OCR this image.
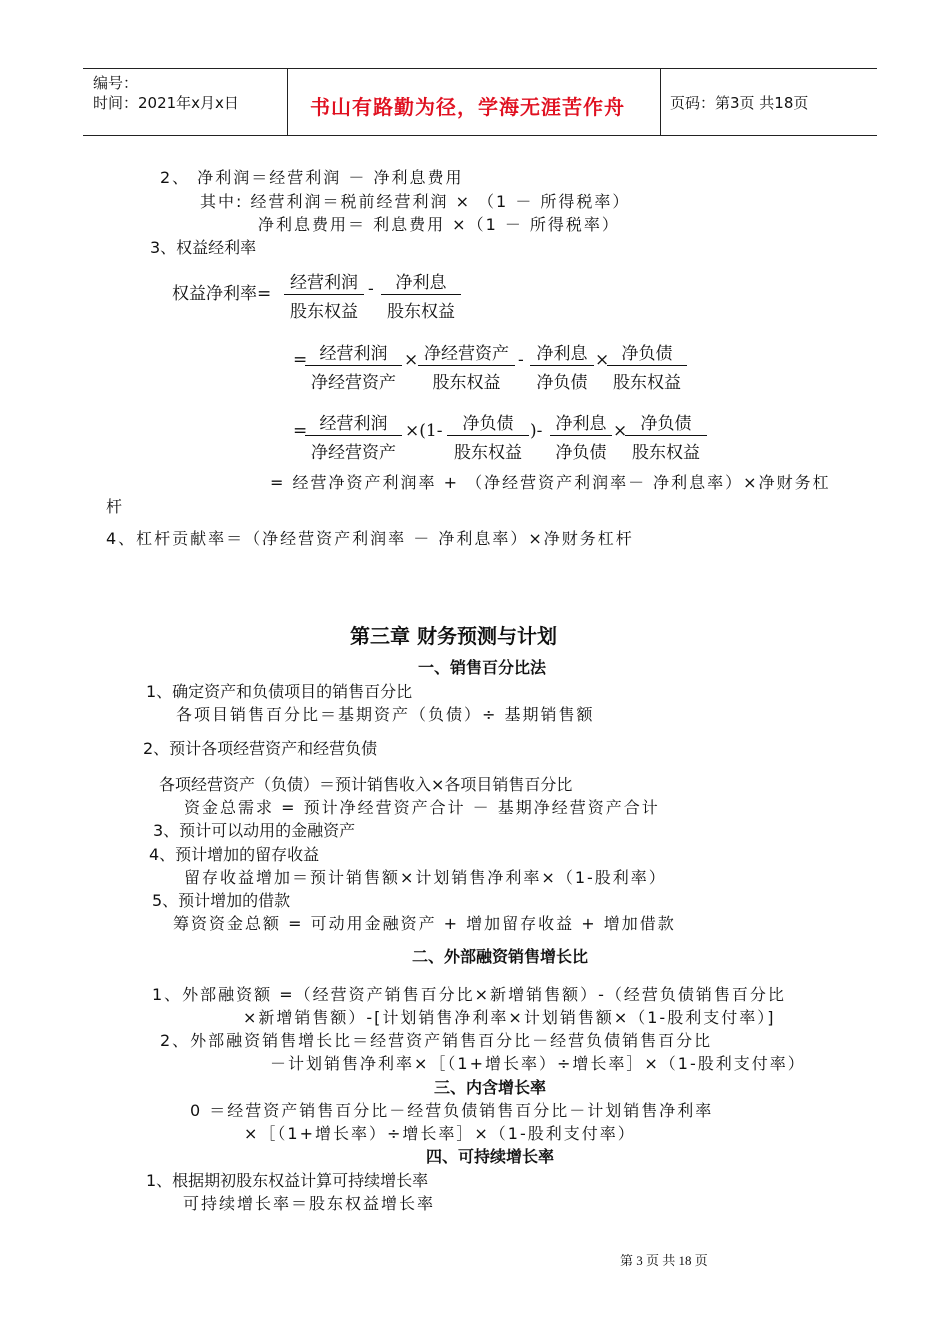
编号：
时间：2021年x月x日	书山有路勤为径，学海无涯苦作舟	页码：第3页 共18页
2、 净利润＝经营利润 － 净利息费用
其中: 经营利润＝税前经营利润 × （1 － 所得税率）
净利息费用＝ 利息费用 ×（1 － 所得税率）
3、权益经利率
权益净利率=
经营利润
股东权益
-	净利息
股东权益
= 经营利润
净经营资产
× 净经营资产
股东权益
- 净利息
净负债
× 净负债
股东权益
= 经营利润
净经营资产
×(1-	净负债
股东权益
)- 净利息
净负债
× 净负债
股东权益
= 经营净资产利润率 + （净经营资产利润率－ 净利息率）×净财务杠
杆
4、杠杆贡献率＝（净经营资产利润率 － 净利息率）×净财务杠杆
第三章 财务预测与计划
一、销售百分比法
1、确定资产和负债项目的销售百分比
各项目销售百分比＝基期资产（负债）÷ 基期销售额
2、预计各项经营资产和经营负债
各项经营资产（负债）＝预计销售收入×各项目销售百分比
资金总需求 = 预计净经营资产合计 － 基期净经营资产合计
3、预计可以动用的金融资产
4、预计增加的留存收益
留存收益增加＝预计销售额×计划销售净利率×（1-股利率）
5、预计增加的借款
筹资资金总额 = 可动用金融资产 + 增加留存收益 + 增加借款
二、外部融资销售增长比
1、外部融资额 =（经营资产销售百分比×新增销售额）-（经营负债销售百分比
×新增销售额）-[计划销售净利率×计划销售额×（1-股利支付率）]
2、外部融资销售增长比＝经营资产销售百分比－经营负债销售百分比
－计划销售净利率×［（1+增长率）÷增长率］×（1-股利支付率）
三、内含增长率
0 ＝经营资产销售百分比－经营负债销售百分比－计划销售净利率
×［（1+增长率）÷增长率］×（1-股利支付率）
四、可持续增长率
1、根据期初股东权益计算可持续增长率
可持续增长率＝股东权益增长率
第 3 页 共 18 页
